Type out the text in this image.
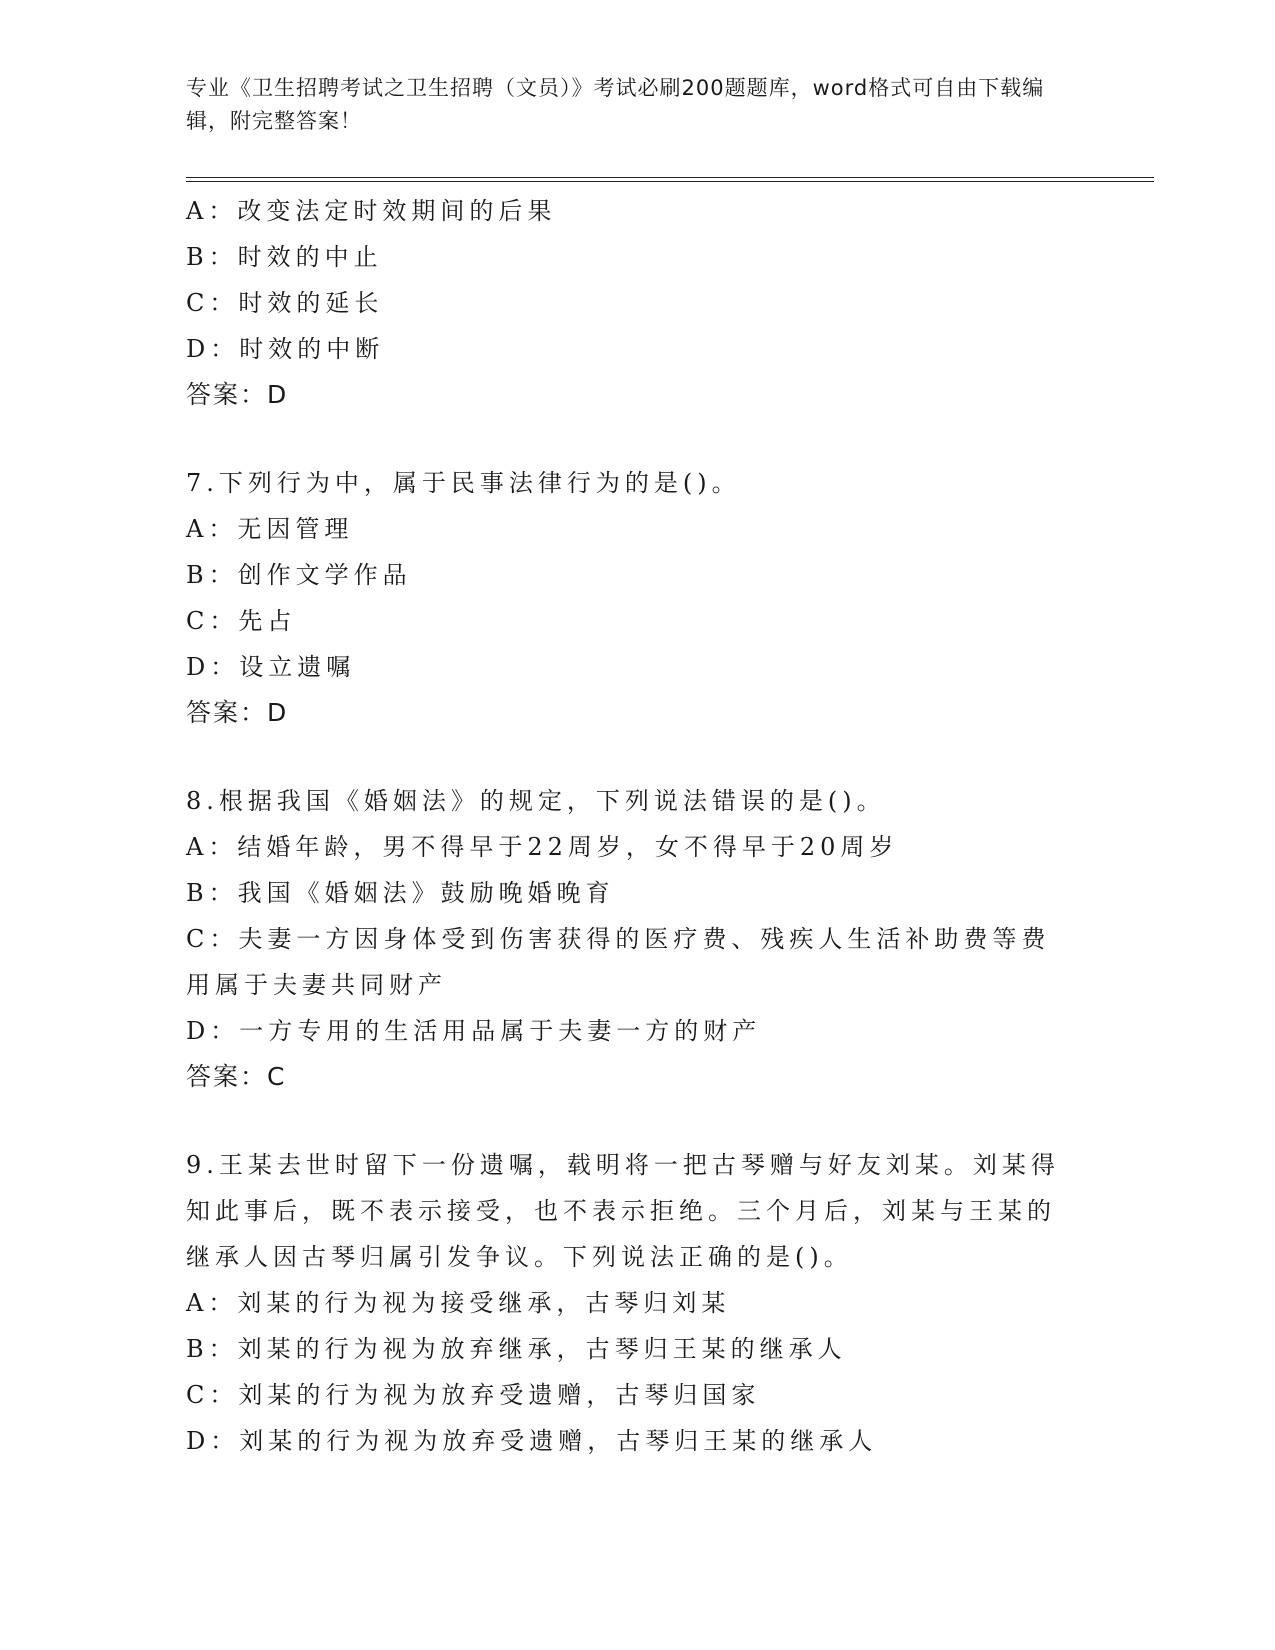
专业《卫生招聘考试之卫生招聘（文员）》考试必刷200题题库，word格式可自由下载编辑，附完整答案！
A：改变法定时效期间的后果
B：时效的中止
C：时效的延长
D：时效的中断
答案：D
7.下列行为中，属于民事法律行为的是()。
A：无因管理
B：创作文学作品
C：先占
D：设立遗嘱
答案：D
8.根据我国《婚姻法》的规定，下列说法错误的是()。
A：结婚年龄，男不得早于22周岁，女不得早于20周岁
B：我国《婚姻法》鼓励晚婚晚育
C：夫妻一方因身体受到伤害获得的医疗费、残疾人生活补助费等费用属于夫妻共同财产
D：一方专用的生活用品属于夫妻一方的财产
答案：C
9.王某去世时留下一份遗嘱，载明将一把古琴赠与好友刘某。刘某得知此事后，既不表示接受，也不表示拒绝。三个月后，刘某与王某的继承人因古琴归属引发争议。下列说法正确的是()。
A：刘某的行为视为接受继承，古琴归刘某
B：刘某的行为视为放弃继承，古琴归王某的继承人
C：刘某的行为视为放弃受遗赠，古琴归国家
D：刘某的行为视为放弃受遗赠，古琴归王某的继承人
